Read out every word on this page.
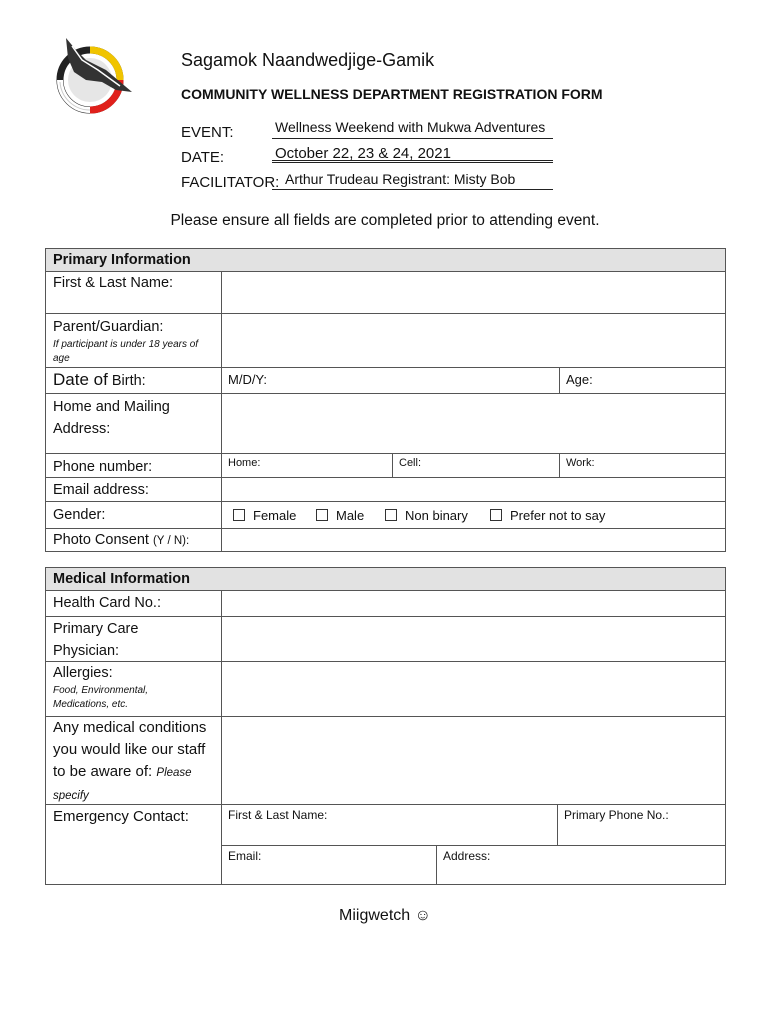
Sagamok Naandwedjige-Gamik
COMMUNITY WELLNESS DEPARTMENT REGISTRATION FORM
EVENT:	Wellness Weekend with Mukwa Adventures
DATE:	October 22, 23 & 24, 2021
FACILITATOR: Arthur Trudeau Registrant: Misty Bob
Please ensure all fields are completed prior to attending event.
Primary Information
First & Last Name:
Parent/Guardian:
If participant is under 18 years of age
Date of Birth:	M/D/Y:	Age:
Home and Mailing Address:
Phone number:	Home:	Cell:	Work:
Email address:
Gender:	Female	Male	Non binary	Prefer not to say
Photo Consent (Y / N):
Medical Information
Health Card No.:
Primary Care Physician:
Allergies:
Food, Environmental, Medications, etc.
Any medical conditions you would like our staff to be aware of: Please specify
Emergency Contact:	First & Last Name:	Primary Phone No.:
Email:	Address:
Miigwetch ☺
